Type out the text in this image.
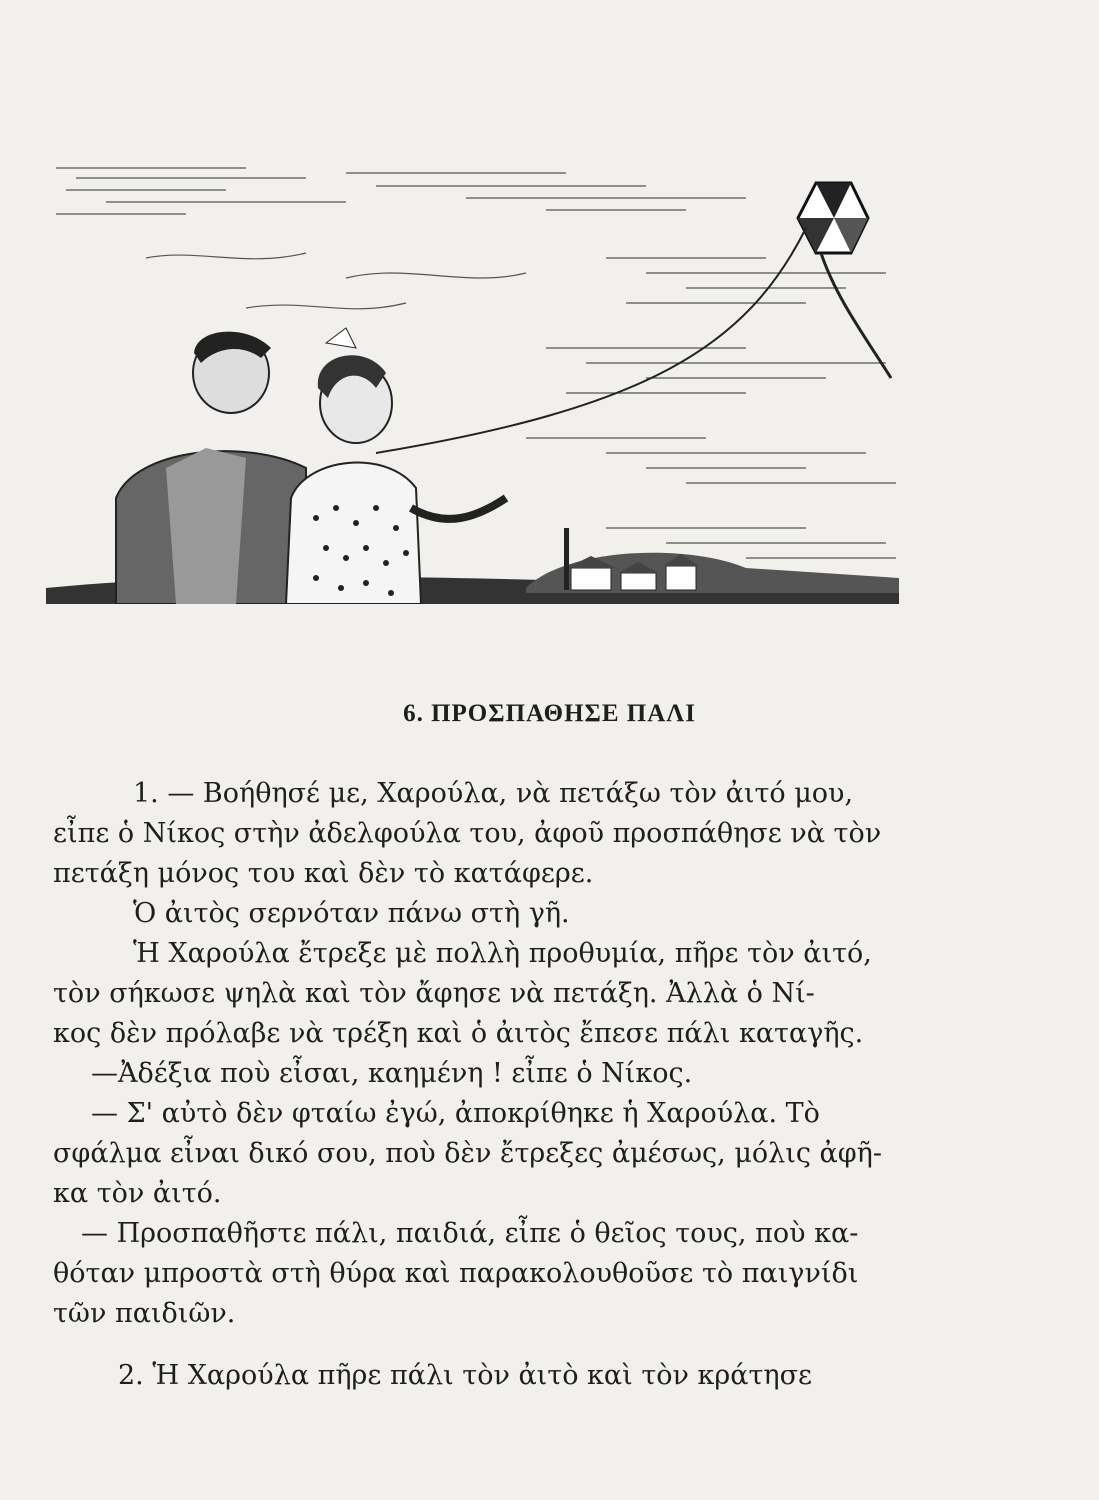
6. ΠΡΟΣΠΑΘΗΣΕ ΠΑΛΙ
1. — Βοήθησέ με, Χαρούλα, νὰ πετάξω τὸν ἀιτό μου,
εἶπε ὁ Νίκος στὴν ἀδελφούλα του, ἀφοῦ προσπάθησε νὰ τὸν
πετάξη μόνος του καὶ δὲν τὸ κατάφερε.
Ὁ ἀιτὸς σερνόταν πάνω στὴ γῆ.
Ἡ Χαρούλα ἔτρεξε μὲ πολλὴ προθυμία, πῆρε τὸν ἀιτό,
τὸν σήκωσε ψηλὰ καὶ τὸν ἄφησε νὰ πετάξη. Ἀλλὰ ὁ Νί-
κος δὲν πρόλαβε νὰ τρέξη καὶ ὁ ἀιτὸς ἔπεσε πάλι καταγῆς.
—Ἀδέξια ποὺ εἶσαι, καημένη ! εἶπε ὁ Νίκος.
— Σ' αὐτὸ δὲν φταίω ἐγώ, ἀποκρίθηκε ἡ Χαρούλα. Τὸ
σφάλμα εἶναι δικό σου, ποὺ δὲν ἔτρεξες ἀμέσως, μόλις ἀφῆ-
κα τὸν ἀιτό.
— Προσπαθῆστε πάλι, παιδιά, εἶπε ὁ θεῖος τους, ποὺ κα-
θόταν μπροστὰ στὴ θύρα καὶ παρακολουθοῦσε τὸ παιγνίδι
τῶν παιδιῶν.
2. Ἡ Χαρούλα πῆρε πάλι τὸν ἀιτὸ καὶ τὸν κράτησε
